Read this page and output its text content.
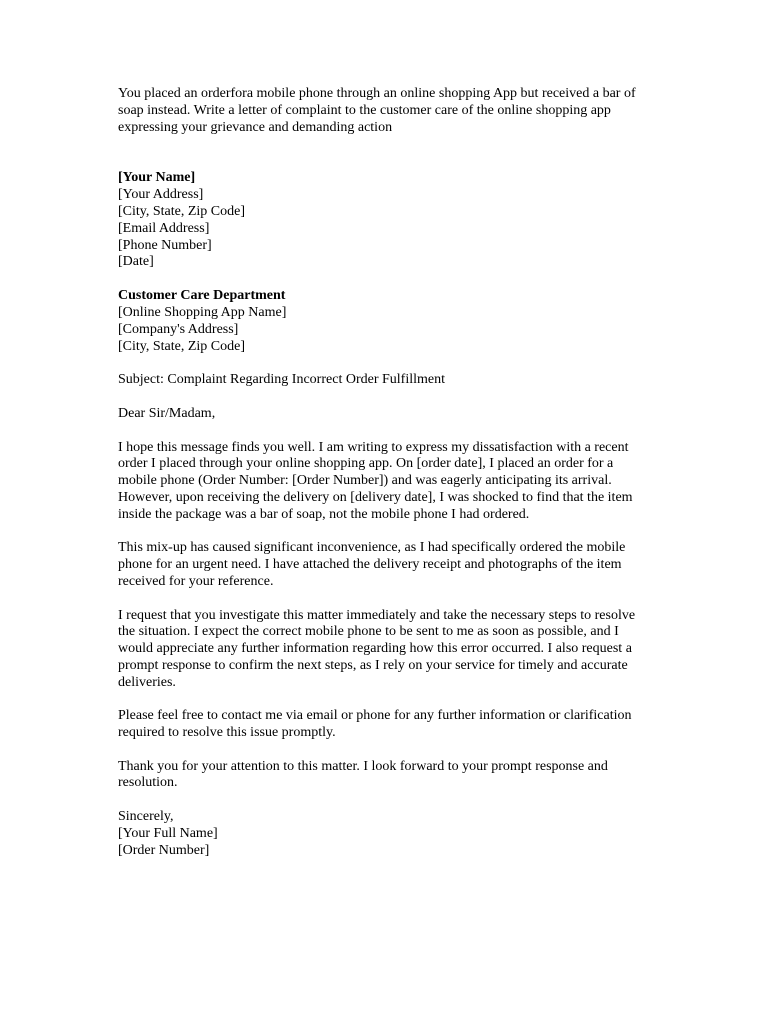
You placed an orderfora mobile phone through an online shopping App but received a bar of
soap instead. Write a letter of complaint to the customer care of the online shopping app
expressing your grievance and demanding action
[Your Name]
[Your Address]
[City, State, Zip Code]
[Email Address]
[Phone Number]
[Date]
Customer Care Department
[Online Shopping App Name]
[Company's Address]
[City, State, Zip Code]
Subject: Complaint Regarding Incorrect Order Fulfillment
Dear Sir/Madam,
I hope this message finds you well. I am writing to express my dissatisfaction with a recent
order I placed through your online shopping app. On [order date], I placed an order for a
mobile phone (Order Number: [Order Number]) and was eagerly anticipating its arrival.
However, upon receiving the delivery on [delivery date], I was shocked to find that the item
inside the package was a bar of soap, not the mobile phone I had ordered.
This mix-up has caused significant inconvenience, as I had specifically ordered the mobile
phone for an urgent need. I have attached the delivery receipt and photographs of the item
received for your reference.
I request that you investigate this matter immediately and take the necessary steps to resolve
the situation. I expect the correct mobile phone to be sent to me as soon as possible, and I
would appreciate any further information regarding how this error occurred. I also request a
prompt response to confirm the next steps, as I rely on your service for timely and accurate
deliveries.
Please feel free to contact me via email or phone for any further information or clarification
required to resolve this issue promptly.
Thank you for your attention to this matter. I look forward to your prompt response and
resolution.
Sincerely,
[Your Full Name]
[Order Number]
